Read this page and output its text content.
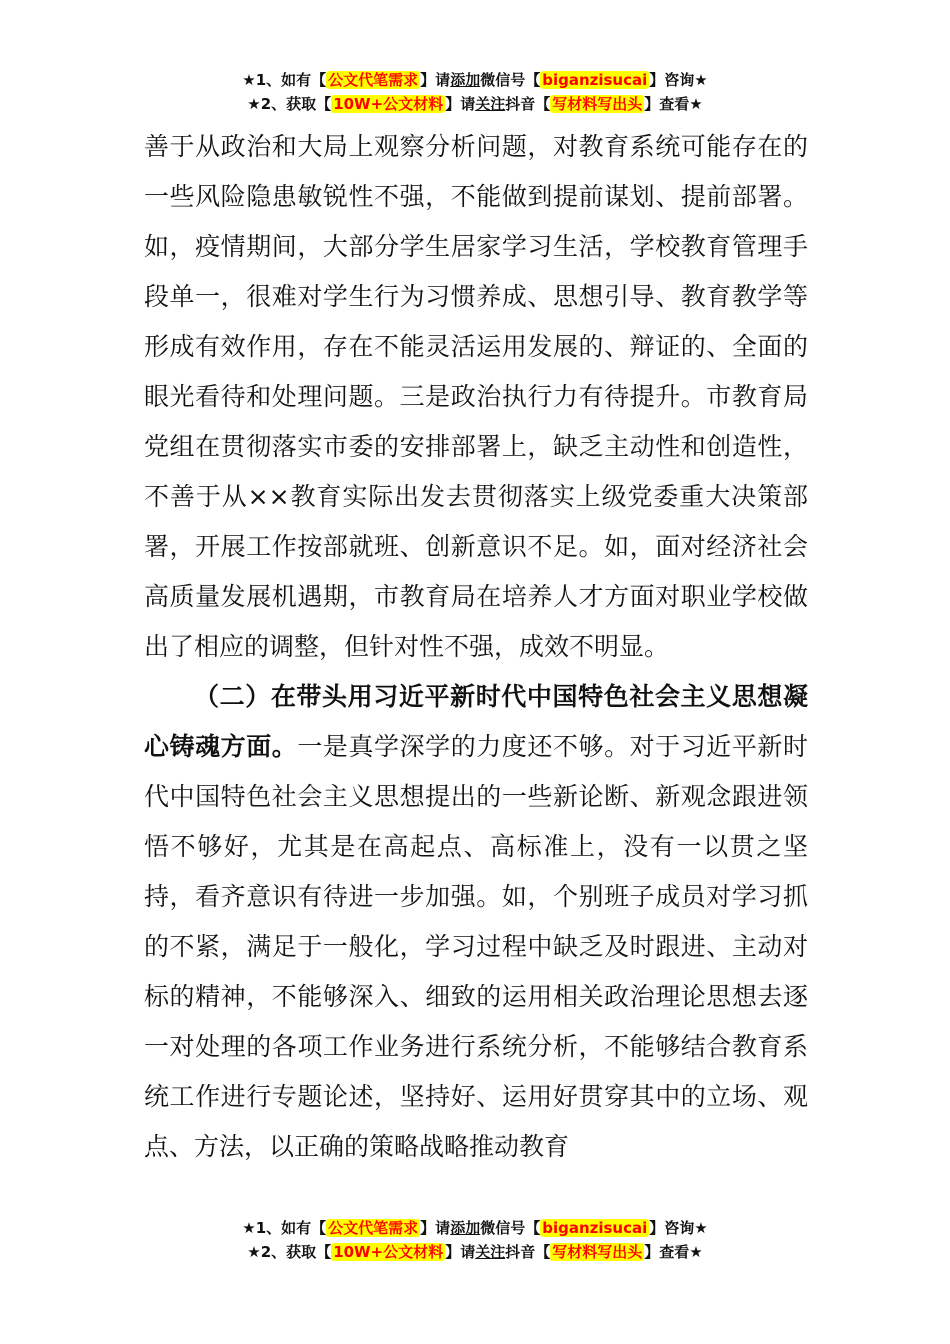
★1、如有【 公文代笔需求 】请添加微信号【 biganzisucai 】咨询★
★2、获取【 10W+公文材料 】请关注抖音【 写材料写出头 】查看★

善于从政治和大局上观察分析问题，对教育系统可能存在的一些风险隐患敏锐性不强，不能做到提前谋划、提前部署。如，疫情期间，大部分学生居家学习生活，学校教育管理手段单一，很难对学生行为习惯养成、思想引导、教育教学等形成有效作用，存在不能灵活运用发展的、辩证的、全面的眼光看待和处理问题。三是政治执行力有待提升。市教育局党组在贯彻落实市委的安排部署上，缺乏主动性和创造性，不善于从××教育实际出发去贯彻落实上级党委重大决策部署，开展工作按部就班、创新意识不足。如，面对经济社会高质量发展机遇期，市教育局在培养人才方面对职业学校做出了相应的调整，但针对性不强，成效不明显。

（二）在带头用习近平新时代中国特色社会主义思想凝心铸魂方面。一是真学深学的力度还不够。对于习近平新时代中国特色社会主义思想提出的一些新论断、新观念跟进领悟不够好，尤其是在高起点、高标准上，没有一以贯之坚持，看齐意识有待进一步加强。如，个别班子成员对学习抓的不紧，满足于一般化，学习过程中缺乏及时跟进、主动对标的精神，不能够深入、细致的运用相关政治理论思想去逐一对处理的各项工作业务进行系统分析，不能够结合教育系统工作进行专题论述，坚持好、运用好贯穿其中的立场、观点、方法，以正确的策略战略推动教育

★1、如有【 公文代笔需求 】请添加微信号【 biganzisucai 】咨询★
★2、获取【 10W+公文材料 】请关注抖音【 写材料写出头 】查看★
